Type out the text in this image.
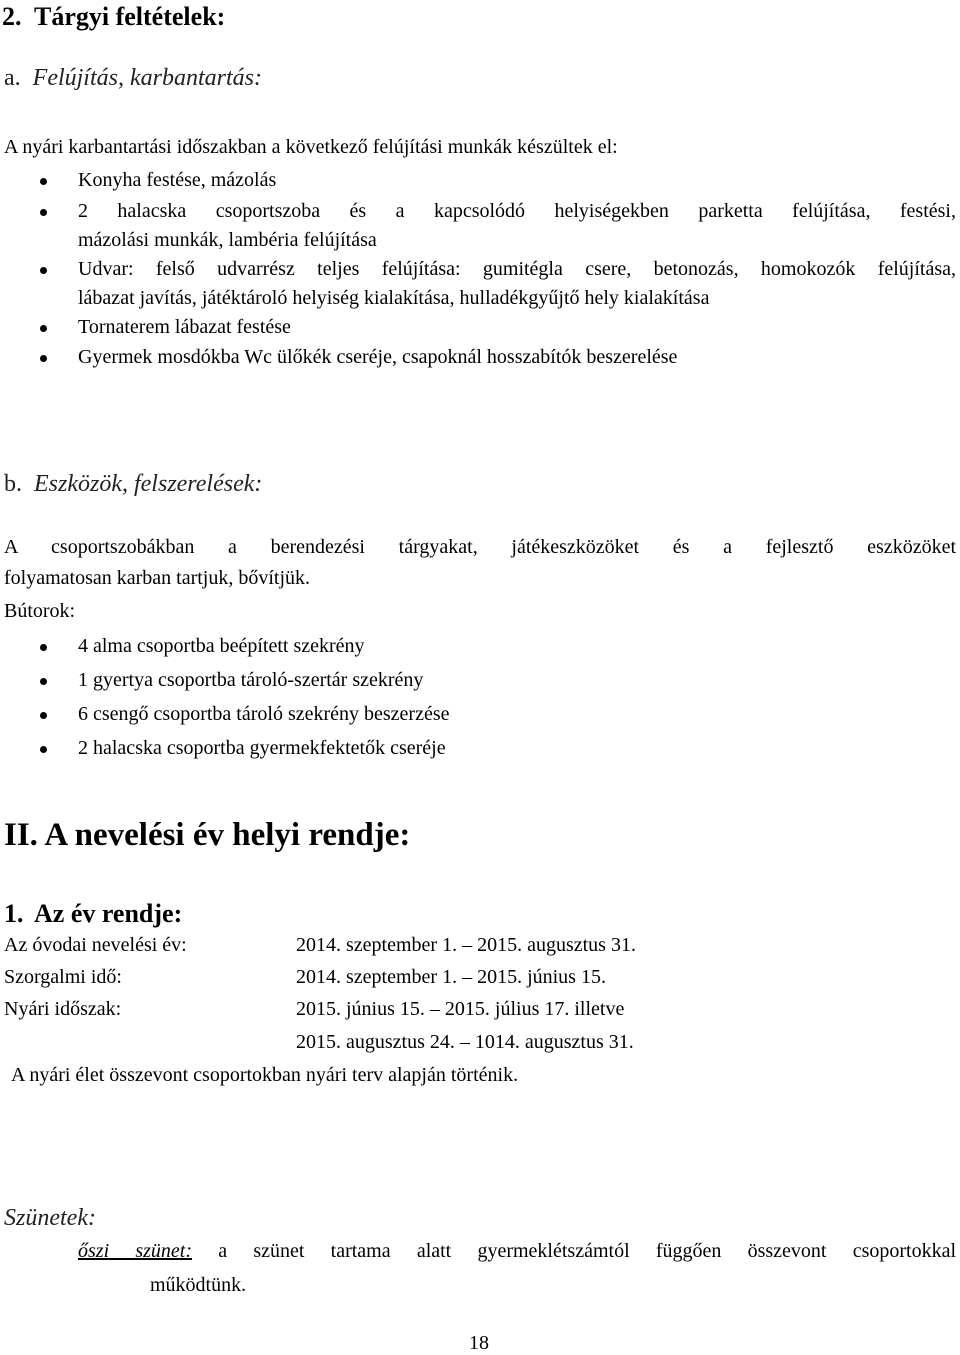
2. Tárgyi feltételek:
a. Felújítás, karbantartás:
A nyári karbantartási időszakban a következő felújítási munkák készültek el:
Konyha festése, mázolás
2 halacska csoportszoba és a kapcsolódó helyiségekben parketta felújítása, festési,
mázolási munkák, lambéria felújítása
Udvar: felső udvarrész teljes felújítása: gumitégla csere, betonozás, homokozók felújítása,
lábazat javítás, játéktároló helyiség kialakítása, hulladékgyűjtő hely kialakítása
Tornaterem lábazat festése
Gyermek mosdókba Wc ülőkék cseréje, csapoknál hosszabítók beszerelése
b. Eszközök, felszerelések:
A csoportszobákban a berendezési tárgyakat, játékeszközöket és a fejlesztő eszközöket
folyamatosan karban tartjuk, bővítjük.
Bútorok:
4 alma csoportba beépített szekrény
1 gyertya csoportba tároló-szertár szekrény
6 csengő csoportba tároló szekrény beszerzése
2 halacska csoportba gyermekfektetők cseréje
II. A nevelési év helyi rendje:
1. Az év rendje:
Az óvodai nevelési év:	2014. szeptember 1. – 2015. augusztus 31.
Szorgalmi idő:	2014. szeptember 1. – 2015. június 15.
Nyári időszak:	2015. június 15. – 2015. július 17. illetve
2015. augusztus 24. – 1014. augusztus 31.
A nyári élet összevont csoportokban nyári terv alapján történik.
Szünetek:
őszi szünet: a szünet tartama alatt gyermeklétszámtól függően összevont csoportokkal
működtünk.
18
